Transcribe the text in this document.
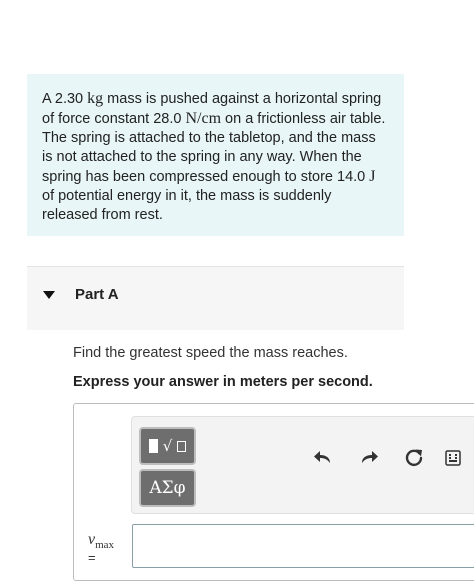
A 2.30 kg mass is pushed against a horizontal spring of force constant 28.0 N/cm on a frictionless air table. The spring is attached to the tabletop, and the mass is not attached to the spring in any way. When the spring has been compressed enough to store 14.0 J of potential energy in it, the mass is suddenly released from rest.
Part A
Find the greatest speed the mass reaches.
Express your answer in meters per second.
√
ΑΣφ
$v_{max}$
=
